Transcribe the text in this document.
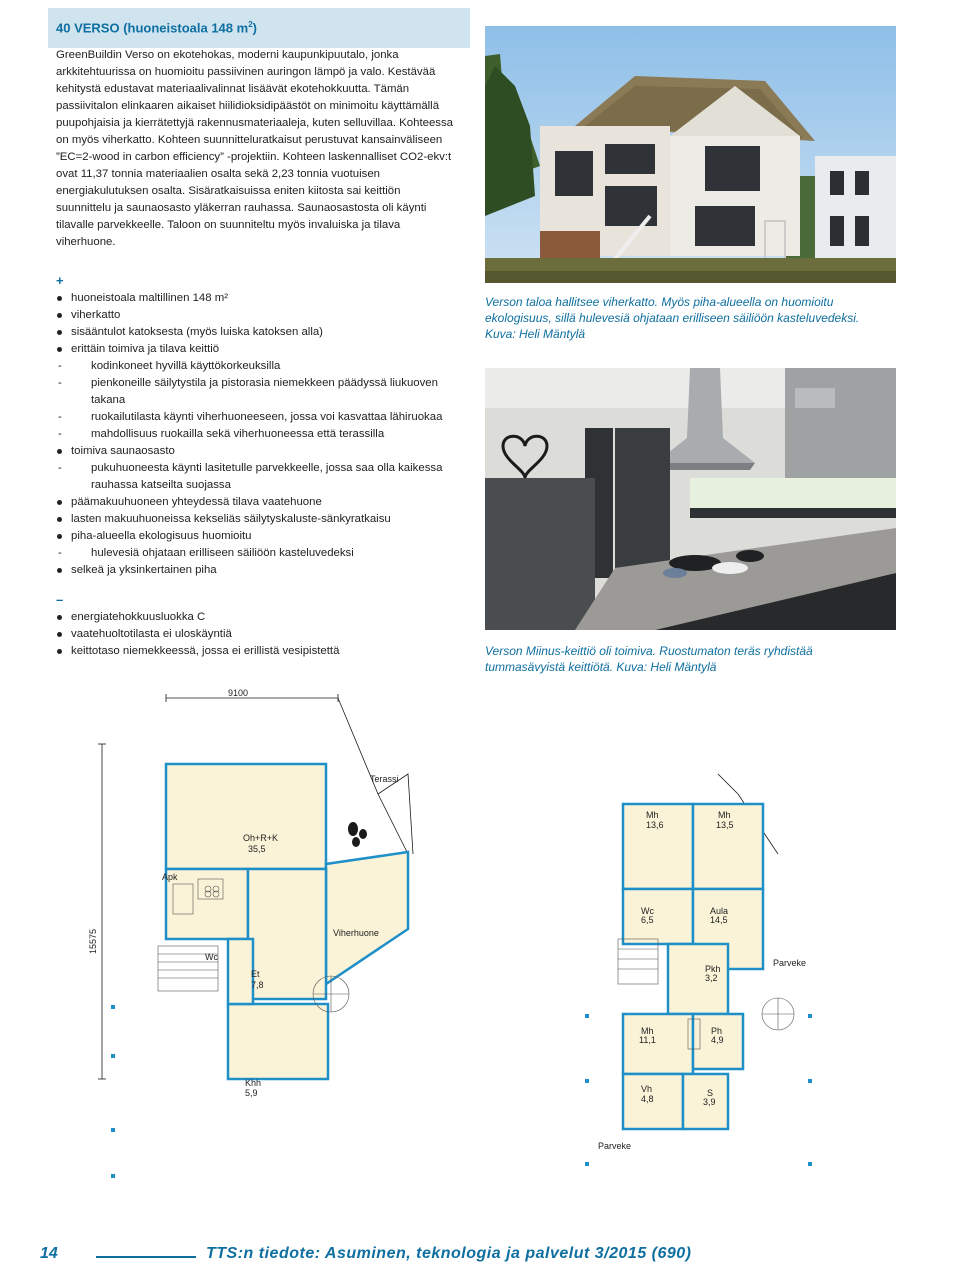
40 VERSO (huoneistoala 148 $m^2$)
GreenBuildin Verso on ekotehokas, moderni kaupunkipuutalo, jonka arkkitehtuurissa on huomioitu passiivinen auringon lämpö ja valo. Kestävää kehitystä edustavat materiaalivalinnat lisäävät ekotehokkuutta. Tämän passiivitalon elinkaaren aikaiset hiilidioksidipäästöt on minimoitu käyttämällä puupohjaisia ja kierrätettyjä rakennusmateriaaleja, kuten selluvillaa. Kohteessa on myös viherkatto. Kohteen suunnitteluratkaisut perustuvat kansainväliseen ”EC=2-wood in carbon efficiency” -projektiin. Kohteen laskennalliset CO2-ekv:t ovat 11,37 tonnia materiaalien osalta sekä 2,23 tonnia vuotuisen energiakulutuksen osalta. Sisäratkaisuissa eniten kiitosta sai keittiön suunnittelu ja saunaosasto yläkerran rauhassa. Saunaosastosta oli käynti tilavalle parvekkeelle. Taloon on suunniteltu myös invaluiska ja tilava viherhuone.
+
huoneistoala maltillinen 148 m²
viherkatto
sisääntulot katoksesta (myös luiska katoksen alla)
erittäin toimiva ja tilava keittiö
-	kodinkoneet hyvillä käyttökorkeuksilla
-	pienkoneille säilytystila ja pistorasia niemekkeen päädyssä liukuoven takana
-	ruokailutilasta käynti viherhuoneeseen, jossa voi kasvattaa lähiruokaa
-	mahdollisuus ruokailla sekä viherhuoneessa että terassilla
toimiva saunaosasto
-	pukuhuoneesta käynti lasitetulle parvekkeelle, jossa saa olla kaikessa rauhassa katseilta suojassa
päämakuuhuoneen yhteydessä tilava vaatehuone
lasten makuuhuoneissa kekseliäs säilytyskaluste-sänkyratkaisu
piha-alueella ekologisuus huomioitu
-	hulevesiä ohjataan erilliseen säiliöön kasteluvedeksi
selkeä ja yksinkertainen piha
–
energiatehokkuusluokka C
vaatehuoltotilasta ei uloskäyntiä
keittotaso niemekkeessä, jossa ei erillistä vesipistettä
Verson taloa hallitsee viherkatto. Myös piha-alueella on huomioitu ekologisuus, sillä hulevesiä ohjataan erilliseen säiliöön kasteluvedeksi. Kuva: Heli Mäntylä
Verson Miinus-keittiö oli toimiva. Ruostumaton teräs ryhdistää tummasävyistä keittiötä. Kuva: Heli Mäntylä
9100
15575
Terassi
Oh+R+K
35,5
Apk
Viherhuone
Wc
Et
7,8
Khh
5,9
Mh
13,6
Mh
13,5
Wc
6,5
Aula
14,5
Pkh
3,2
Parveke
Mh
11,1
Ph
4,9
Vh
4,8
S
3,9
Parveke
14	TTS:n tiedote: Asuminen, teknologia ja palvelut 3/2015 (690)
